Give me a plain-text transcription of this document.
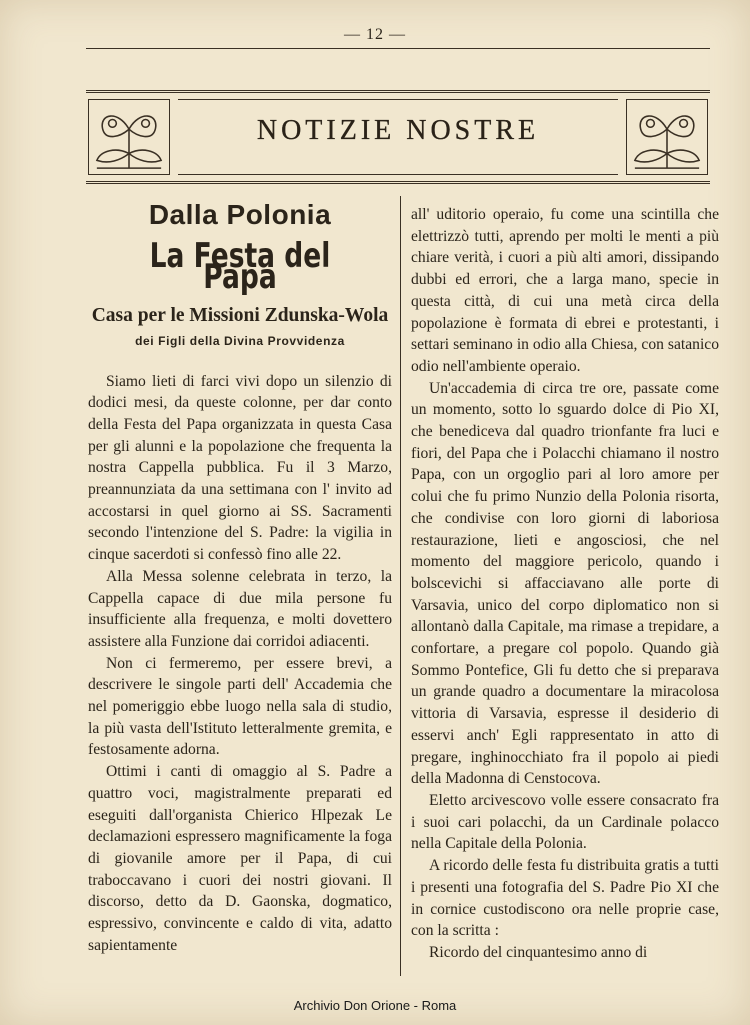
— 12 —
NOTIZIE NOSTRE
Dalla Polonia
La Festa del Papa
Casa per le Missioni Zdunska-Wola
dei Figli della Divina Provvidenza

Siamo lieti di farci vivi dopo un silenzio di dodici mesi, da queste colonne, per dar conto della Festa del Papa organizzata in questa Casa per gli alunni e la popolazione che frequenta la nostra Cappella pubblica. Fu il 3 Marzo, preannunziata da una settimana con l' invito ad accostarsi in quel giorno ai SS. Sacramenti secondo l'intenzione del S. Padre: la vigilia in cinque sacerdoti si confessò fino alle 22.

Alla Messa solenne celebrata in terzo, la Cappella capace di due mila persone fu insufficiente alla frequenza, e molti dovettero assistere alla Funzione dai corridoi adiacenti.

Non ci fermeremo, per essere brevi, a descrivere le singole parti dell' Accademia che nel pomeriggio ebbe luogo nella sala di studio, la più vasta dell'Istituto letteralmente gremita, e festosamente adorna.

Ottimi i canti di omaggio al S. Padre a quattro voci, magistralmente preparati ed eseguiti dall'organista Chierico Hlpezak Le declamazioni espressero magnificamente la foga di giovanile amore per il Papa, di cui traboccavano i cuori dei nostri giovani. Il discorso, detto da D. Gaonska, dogmatico, espressivo, convincente e caldo di vita, adatto sapientamente

all' uditorio operaio, fu come una scintilla che elettrizzò tutti, aprendo per molti le menti a più chiare verità, i cuori a più alti amori, dissipando dubbi ed errori, che a larga mano, specie in questa città, di cui una metà circa della popolazione è formata di ebrei e protestanti, i settari seminano in odio alla Chiesa, con satanico odio nell'ambiente operaio.

Un'accademia di circa tre ore, passate come un momento, sotto lo sguardo dolce di Pio XI, che benediceva dal quadro trionfante fra luci e fiori, del Papa che i Polacchi chiamano il nostro Papa, con un orgoglio pari al loro amore per colui che fu primo Nunzio della Polonia risorta, che condivise con loro giorni di laboriosa restaurazione, lieti e angosciosi, che nel momento del maggiore pericolo, quando i bolscevichi si affacciavano alle porte di Varsavia, unico del corpo diplomatico non si allontanò dalla Capitale, ma rimase a trepidare, a confortare, a pregare col popolo. Quando già Sommo Pontefice, Gli fu detto che si preparava un grande quadro a documentare la miracolosa vittoria di Varsavia, espresse il desiderio di esservi anch' Egli rappresentato in atto di pregare, inghinocchiato fra il popolo ai piedi della Madonna di Censtocova.

Eletto arcivescovo volle essere consacrato fra i suoi cari polacchi, da un Cardinale polacco nella Capitale della Polonia.

A ricordo delle festa fu distribuita gratis a tutti i presenti una fotografia del S. Padre Pio XI che in cornice custodiscono ora nelle proprie case, con la scritta :

Ricordo del cinquantesimo anno di

Archivio Don Orione - Roma
